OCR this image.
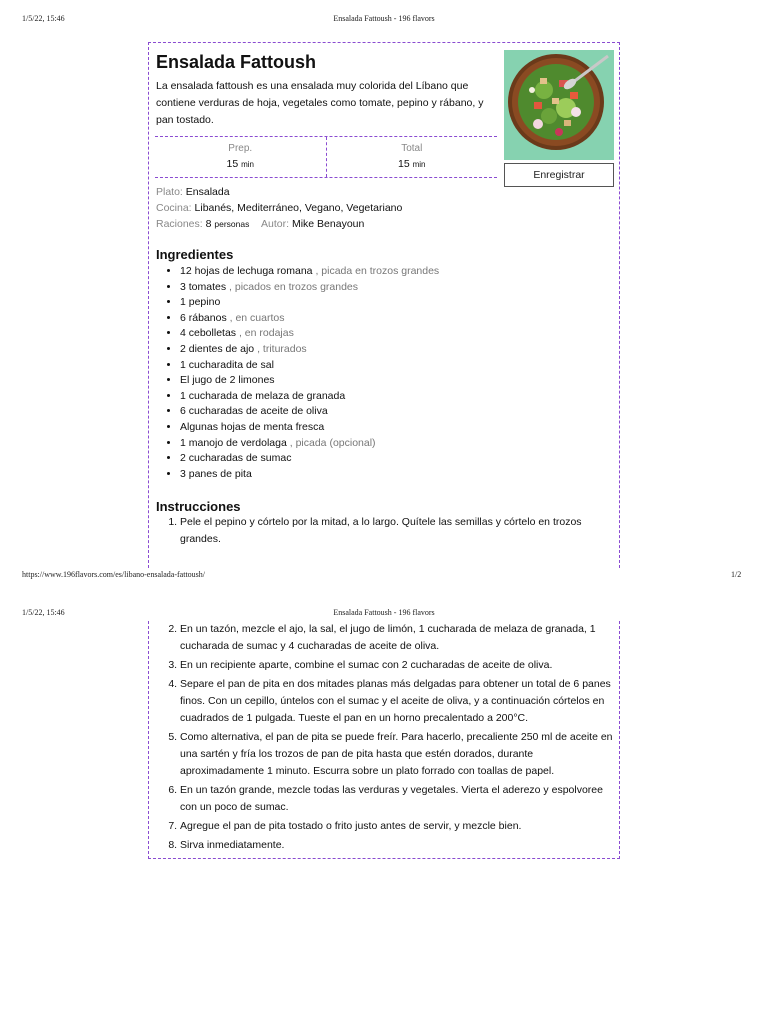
1/5/22, 15:46	Ensalada Fattoush - 196 flavors
Ensalada Fattoush

La ensalada fattoush es una ensalada muy colorida del Líbano que contiene verduras de hoja, vegetales como tomate, pepino y rábano, y pan tostado.

Enregistrar
Prep.
15 min
Total
15 min

Plato: Ensalada

Cocina: Libanés, Mediterráneo, Vegano, Vegetariano

Raciones: 8 personas Autor: Mike Benayoun

Ingredientes
• 12 hojas de lechuga romana , picada en trozos grandes
• 3 tomates , picados en trozos grandes
• 1 pepino
• 6 rábanos , en cuartos
• 4 cebolletas , en rodajas
• 2 dientes de ajo , triturados
• 1 cucharadita de sal
• El jugo de 2 limones
• 1 cucharada de melaza de granada
• 6 cucharadas de aceite de oliva
• Algunas hojas de menta fresca
• 1 manojo de verdolaga , picada (opcional)
• 2 cucharadas de sumac
• 3 panes de pita
Instrucciones
1. Pele el pepino y córtelo por la mitad, a lo largo. Quítele las semillas y córtelo en trozos grandes.
https://www.196flavors.com/es/libano-ensalada-fattoush/	1/2
1/5/22, 15:46	Ensalada Fattoush - 196 flavors
2. En un tazón, mezcle el ajo, la sal, el jugo de limón, 1 cucharada de melaza de granada, 1 cucharada de sumac y 4 cucharadas de aceite de oliva.
3. En un recipiente aparte, combine el sumac con 2 cucharadas de aceite de oliva.
4. Separe el pan de pita en dos mitades planas más delgadas para obtener un total de 6 panes finos. Con un cepillo, úntelos con el sumac y el aceite de oliva, y a continuación córtelos en cuadrados de 1 pulgada. Tueste el pan en un horno precalentado a 200°C.
5. Como alternativa, el pan de pita se puede freír. Para hacerlo, precaliente 250 ml de aceite en una sartén y fría los trozos de pan de pita hasta que estén dorados, durante aproximadamente 1 minuto. Escurra sobre un plato forrado con toallas de papel.
6. En un tazón grande, mezcle todas las verduras y vegetales. Vierta el aderezo y espolvoree con un poco de sumac.
7. Agregue el pan de pita tostado o frito justo antes de servir, y mezcle bien.
8. Sirva inmediatamente.
